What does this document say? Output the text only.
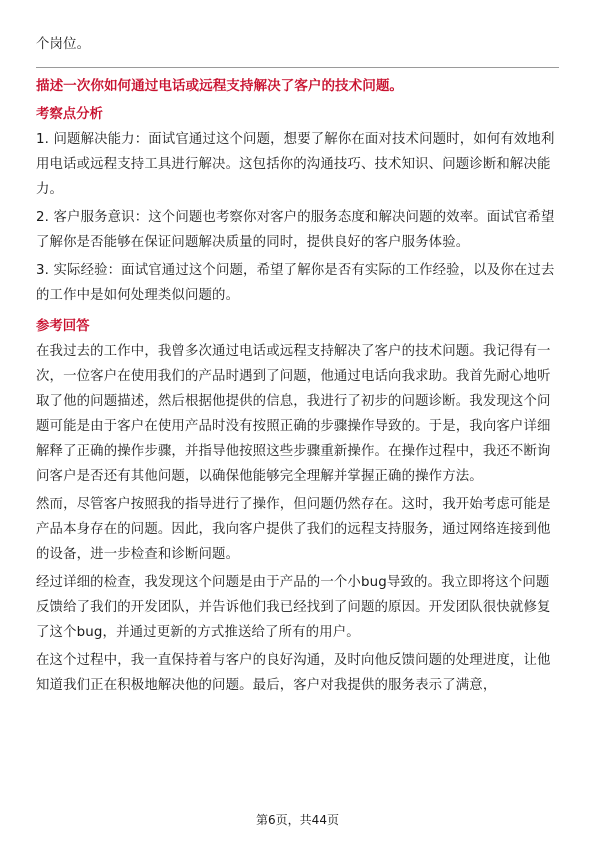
个岗位。

描述一次你如何通过电话或远程支持解决了客户的技术问题。

考察点分析

1. 问题解决能力：面试官通过这个问题，想要了解你在面对技术问题时，如何有效地利用电话或远程支持工具进行解决。这包括你的沟通技巧、技术知识、问题诊断和解决能力。

2. 客户服务意识：这个问题也考察你对客户的服务态度和解决问题的效率。面试官希望了解你是否能够在保证问题解决质量的同时，提供良好的客户服务体验。

3. 实际经验：面试官通过这个问题，希望了解你是否有实际的工作经验，以及你在过去的工作中是如何处理类似问题的。

参考回答

在我过去的工作中，我曾多次通过电话或远程支持解决了客户的技术问题。我记得有一次，一位客户在使用我们的产品时遇到了问题，他通过电话向我求助。我首先耐心地听取了他的问题描述，然后根据他提供的信息，我进行了初步的问题诊断。我发现这个问题可能是由于客户在使用产品时没有按照正确的步骤操作导致的。于是，我向客户详细解释了正确的操作步骤，并指导他按照这些步骤重新操作。在操作过程中，我还不断询问客户是否还有其他问题，以确保他能够完全理解并掌握正确的操作方法。

然而，尽管客户按照我的指导进行了操作，但问题仍然存在。这时，我开始考虑可能是产品本身存在的问题。因此，我向客户提供了我们的远程支持服务，通过网络连接到他的设备，进一步检查和诊断问题。

经过详细的检查，我发现这个问题是由于产品的一个小bug导致的。我立即将这个问题反馈给了我们的开发团队，并告诉他们我已经找到了问题的原因。开发团队很快就修复了这个bug，并通过更新的方式推送给了所有的用户。

在这个过程中，我一直保持着与客户的良好沟通，及时向他反馈问题的处理进度，让他知道我们正在积极地解决他的问题。最后，客户对我提供的服务表示了满意，

第6页，共44页
